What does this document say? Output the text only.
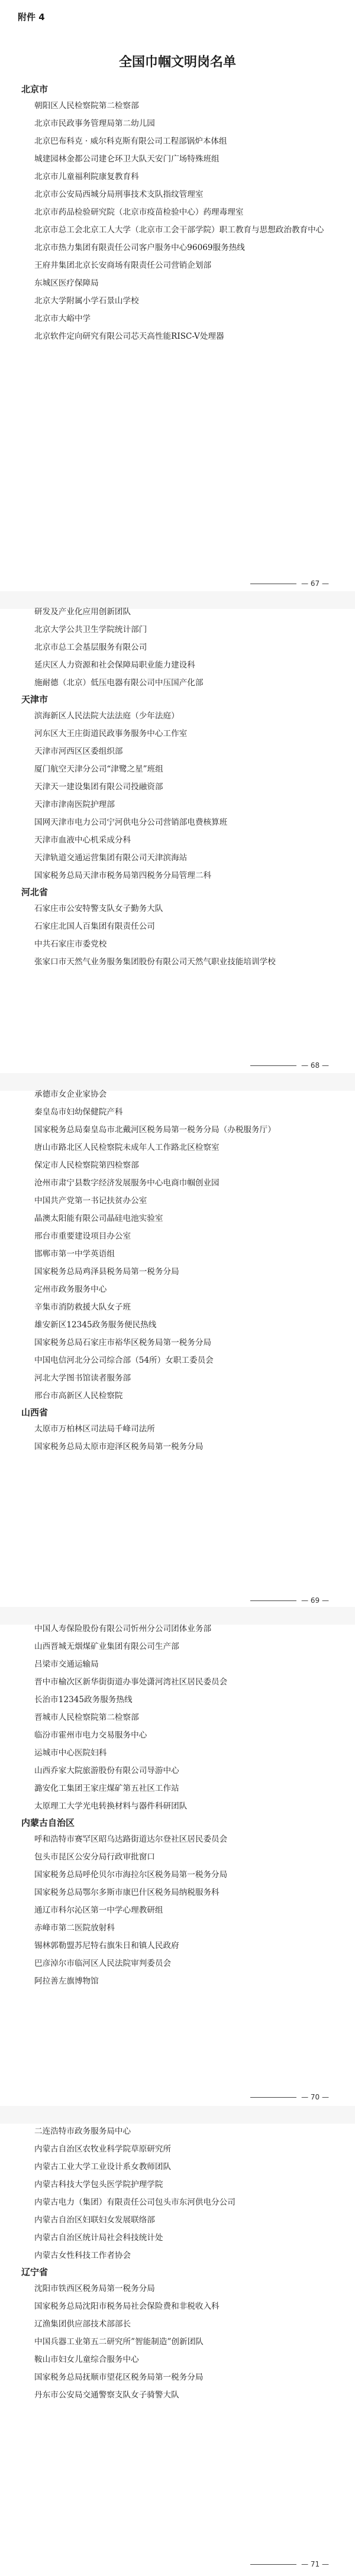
附件 4
全国巾帼文明岗名单
北京市
朝阳区人民检察院第二检察部
北京市民政事务管理局第二幼儿园
北京巴布科克 · 威尔科克斯有限公司工程部锅炉本体组
城建园林金都公司建仑环卫大队天安门广场特殊班组
北京市儿童福利院康复教育科
北京市公安局西城分局刑事技术支队指纹管理室
北京市药品检验研究院（北京市疫苗检验中心）药理毒理室
北京市总工会北京工人大学（北京市工会干部学院）职工教育与思想政治教育中心
北京市热力集团有限责任公司客户服务中心96069服务热线
王府井集团北京长安商场有限责任公司营销企划部
东城区医疗保障局
北京大学附属小学石景山学校
北京市大峪中学
北京软件定向研究有限公司芯天高性能RISC-V处理器
— 67 —
研发及产业化应用创新团队
北京大学公共卫生学院统计部门
北京市总工会基层服务有限公司
延庆区人力资源和社会保障局职业能力建设科
施耐德（北京）低压电器有限公司中压国产化部
天津市
滨海新区人民法院大法法庭（少年法庭）
河东区大王庄街道民政事务服务中心工作室
天津市河西区区委组织部
厦门航空天津分公司“津鹭之星”班组
天津天一建设集团有限公司投融资部
天津市津南医院护理部
国网天津市电力公司宁河供电分公司营销部电费核算班
天津市血液中心机采成分科
天津轨道交通运营集团有限公司天津滨海站
国家税务总局天津市税务局第四税务分局管理二科
河北省
石家庄市公安特警支队女子勤务大队
石家庄北国人百集团有限责任公司
中共石家庄市委党校
张家口市天然气业务服务集团股份有限公司天然气职业技能培训学校
— 68 —
承德市女企业家协会
秦皇岛市妇幼保健院产科
国家税务总局秦皇岛市北戴河区税务局第一税务分局（办税服务厅）
唐山市路北区人民检察院未成年人工作路北区检察室
保定市人民检察院第四检察部
沧州市肃宁县数字经济发展服务中心电商巾帼创业园
中国共产党第一书记扶贫办公室
晶澳太阳能有限公司晶硅电池实验室
邢台市重要建设项目办公室
邯郸市第一中学英语组
国家税务总局鸡泽县税务局第一税务分局
定州市政务服务中心
辛集市消防救援大队女子班
雄安新区12345政务服务便民热线
国家税务总局石家庄市裕华区税务局第一税务分局
中国电信河北分公司综合部（54所）女职工委员会
河北大学图书馆读者服务部
邢台市高新区人民检察院
山西省
太原市万柏林区司法局千峰司法所
国家税务总局太原市迎泽区税务局第一税务分局
— 69 —
中国人寿保险股份有限公司忻州分公司团体业务部
山西晋城无烟煤矿业集团有限公司生产部
吕梁市交通运输局
晋中市榆次区新华街街道办事处潇河湾社区居民委员会
长治市12345政务服务热线
晋城市人民检察院第二检察部
临汾市霍州市电力交易服务中心
运城市中心医院妇科
山西乔家大院旅游股份有限公司导游中心
潞安化工集团王家庄煤矿第五社区工作站
太原理工大学光电转换材料与器件科研团队
内蒙古自治区
呼和浩特市赛罕区昭乌达路街道达尔登社区居民委员会
包头市昆区公安分局行政审批窗口
国家税务总局呼伦贝尔市海拉尔区税务局第一税务分局
国家税务总局鄂尔多斯市康巴什区税务局纳税服务科
通辽市科尔沁区第一中学心理教研组
赤峰市第二医院放射科
锡林郭勒盟苏尼特右旗朱日和镇人民政府
巴彦淖尔市临河区人民法院审判委员会
阿拉善左旗博物馆
— 70 —
二连浩特市政务服务局中心
内蒙古自治区农牧业科学院草原研究所
内蒙古工业大学工业设计系女教师团队
内蒙古科技大学包头医学院护理学院
内蒙古电力（集团）有限责任公司包头市东河供电分公司
内蒙古自治区妇联妇女发展联络部
内蒙古自治区统计局社会科技统计处
内蒙古女性科技工作者协会
辽宁省
沈阳市铁西区税务局第一税务分局
国家税务总局沈阳市税务局社会保险费和非税收入科
辽渔集团供应部技术部部长
中国兵器工业第五二研究所”智能制造”创新团队
鞍山市妇女儿童综合服务中心
国家税务总局抚顺市望花区税务局第一税务分局
丹东市公安局交通警察支队女子骑警大队
— 71 —
